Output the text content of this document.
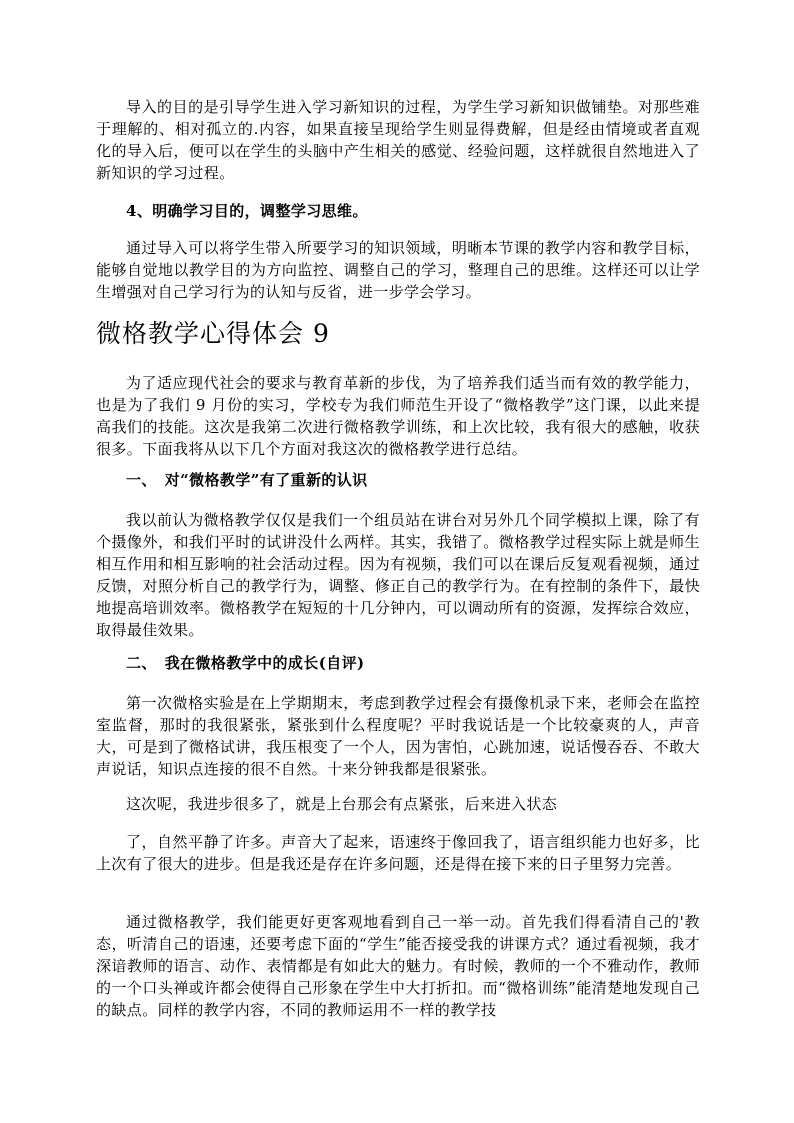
导入的目的是引导学生进入学习新知识的过程，为学生学习新知识做铺垫。对那些难于理解的、相对孤立的.内容，如果直接呈现给学生则显得费解，但是经由情境或者直观化的导入后，便可以在学生的头脑中产生相关的感觉、经验问题，这样就很自然地进入了新知识的学习过程。

4、明确学习目的，调整学习思维。

通过导入可以将学生带入所要学习的知识领域，明晰本节课的教学内容和教学目标，能够自觉地以教学目的为方向监控、调整自己的学习，整理自己的思维。这样还可以让学生增强对自己学习行为的认知与反省，进一步学会学习。

微格教学心得体会 9

为了适应现代社会的要求与教育革新的步伐，为了培养我们适当而有效的教学能力，也是为了我们 9 月份的实习，学校专为我们师范生开设了“微格教学”这门课，以此来提高我们的技能。这次是我第二次进行微格教学训练，和上次比较，我有很大的感触，收获很多。下面我将从以下几个方面对我这次的微格教学进行总结。

一、　对“微格教学”有了重新的认识

我以前认为微格教学仅仅是我们一个组员站在讲台对另外几个同学模拟上课，除了有个摄像外，和我们平时的试讲没什么两样。其实，我错了。微格教学过程实际上就是师生相互作用和相互影响的社会活动过程。因为有视频，我们可以在课后反复观看视频，通过反馈，对照分析自己的教学行为，调整、修正自己的教学行为。在有控制的条件下，最快地提高培训效率。微格教学在短短的十几分钟内，可以调动所有的资源，发挥综合效应，取得最佳效果。

二、　我在微格教学中的成长(自评)

第一次微格实验是在上学期期末，考虑到教学过程会有摄像机录下来，老师会在监控室监督，那时的我很紧张，紧张到什么程度呢？平时我说话是一个比较豪爽的人，声音大，可是到了微格试讲，我压根变了一个人，因为害怕，心跳加速，说话慢吞吞、不敢大声说话，知识点连接的很不自然。十来分钟我都是很紧张。

这次呢，我进步很多了，就是上台那会有点紧张，后来进入状态

了，自然平静了许多。声音大了起来，语速终于像回我了，语言组织能力也好多，比上次有了很大的进步。但是我还是存在许多问题，还是得在接下来的日子里努力完善。

通过微格教学，我们能更好更客观地看到自己一举一动。首先我们得看清自己的'教态，听清自己的语速，还要考虑下面的“学生”能否接受我的讲课方式？通过看视频，我才深谙教师的语言、动作、表情都是有如此大的魅力。有时候，教师的一个不雅动作，教师的一个口头禅或许都会使得自己形象在学生中大打折扣。而“微格训练”能清楚地发现自己的缺点。同样的教学内容，不同的教师运用不一样的教学技
